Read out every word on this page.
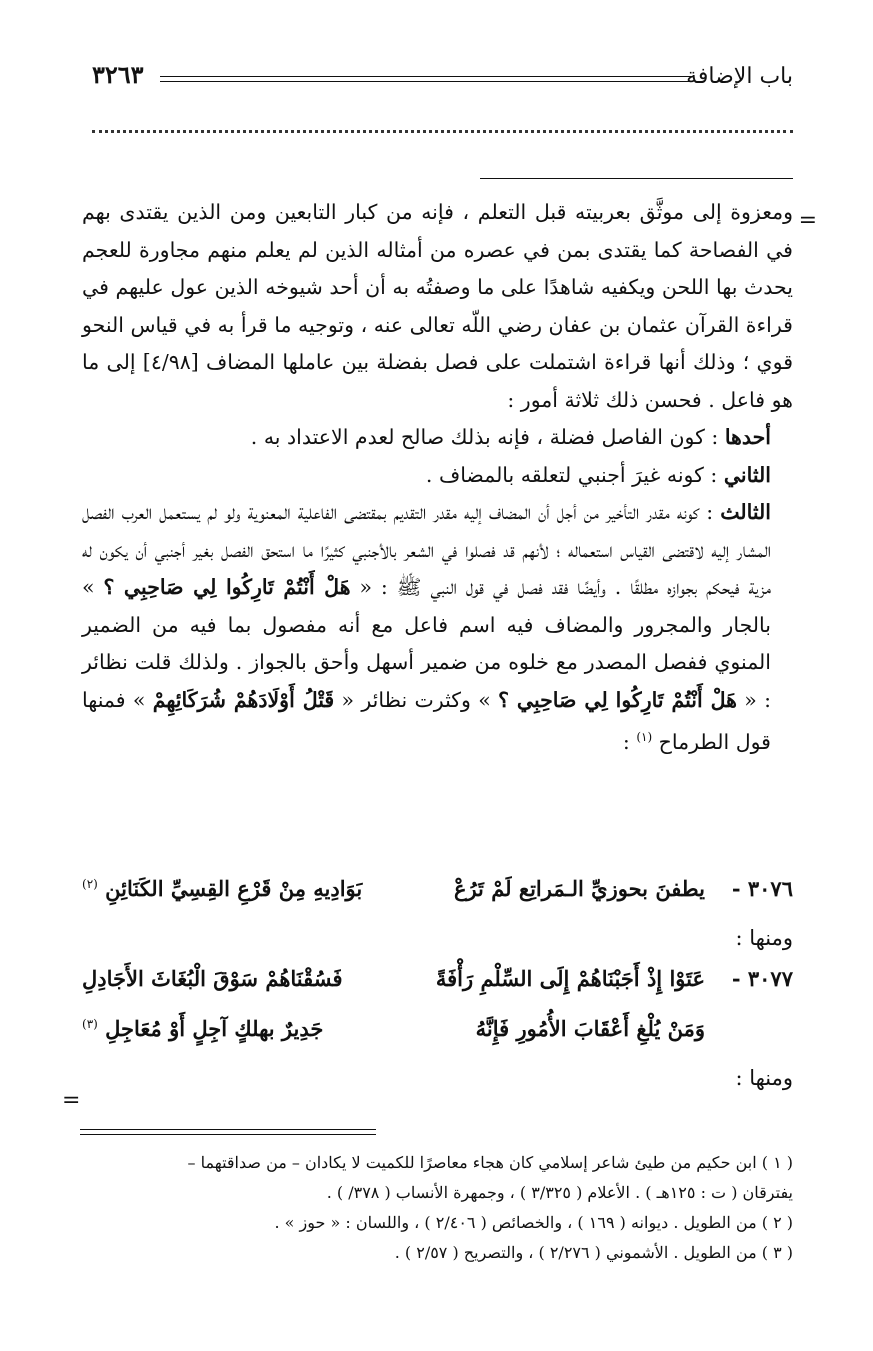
باب الإضافة
٣٢٦٣
=

ومعزوة إلى موثَّق بعربيته قبل التعلم ، فإنه من كبار التابعين ومن الذين يقتدى بهم في الفصاحة كما يقتدى بمن في عصره من أمثاله الذين لم يعلم منهم مجاورة للعجم يحدث بها اللحن ويكفيه شاهدًا على ما وصفتُه به أن أحد شيوخه الذين عول عليهم في قراءة القرآن عثمان بن عفان رضي اللّه تعالى عنه ، وتوجيه ما قرأ به في قياس النحو قوي ؛ وذلك أنها قراءة اشتملت على فصل بفضلة بين عاملها المضاف [٤/٩٨] إلى ما هو فاعل . فحسن ذلك ثلاثة أمور :

أحدها : كون الفاصل فضلة ، فإنه بذلك صالح لعدم الاعتداد به .

الثاني : كونه غيرَ أجنبي لتعلقه بالمضاف .

الثالث : كونه مقدر التأخير من أجل أن المضاف إليه مقدر التقديم بمقتضى الفاعلية المعنوية ولو لم يستعمل العرب الفصل المشار إليه لاقتضى القياس استعماله ؛ لأنهم قد فصلوا في الشعر بالأجنبي كثيرًا ما استحق الفصل بغير أجنبي أن يكون له مزية فيحكم بجوازه مطلقًا . وأيضًا فقد فصل في قول النبي ﷺ : « هَلْ أَنْتُمْ تَارِكُوا لِي صَاحِبِي ؟ » بالجار والمجرور والمضاف فيه اسم فاعل مع أنه مفصول بما فيه من الضمير المنوي ففصل المصدر مع خلوه من ضمير أسهل وأحق بالجواز . ولذلك قلت نظائر : « هَلْ أَنْتُمْ تَارِكُوا لِي صَاحِبِي ؟ » وكثرت نظائر « قَتْلُ أَوْلَادَهُمْ شُرَكَائِهِمْ » فمنها قول الطرماح $^{(١)}$ :

٣٠٧٦ -
يطفنَ بحوزيِّ الـمَراتِع لَمْ تَرُعْ
بَوَادِيهِ مِنْ قَرْعِ القِسِيِّ الكَنَائِنِ $^{(٢)}$
ومنها :
٣٠٧٧ -
عَتَوْا إِذْ أَجَبْنَاهُمْ إِلَى السِّلْمِ رَأْفَةً
فَسُقْنَاهُمْ سَوْقَ الْبُغَاثَ الأَجَادِلِ
وَمَنْ يُلْغِ أَعْقَابَ الأُمُورِ فَإِنَّهُ
جَدِيرٌ بهلكٍ آجِلٍ أَوْ مُعَاجِلِ $^{(٣)}$
ومنها :
=

( ١ ) ابن حكيم من طيئ شاعر إسلامي كان هجاء معاصرًا للكميت لا يكادان – من صداقتهما –

يفترقان ( ت : ١٢٥هـ ) . الأعلام ( ٣/٣٢٥ ) ، وجمهرة الأنساب ( ٣٧٨/ ) .

( ٢ ) من الطويل . ديوانه ( ١٦٩ ) ، والخصائص ( ٢/٤٠٦ ) ، واللسان : « حوز » .

( ٣ ) من الطويل . الأشموني ( ٢/٢٧٦ ) ، والتصريح ( ٢/٥٧ ) .
